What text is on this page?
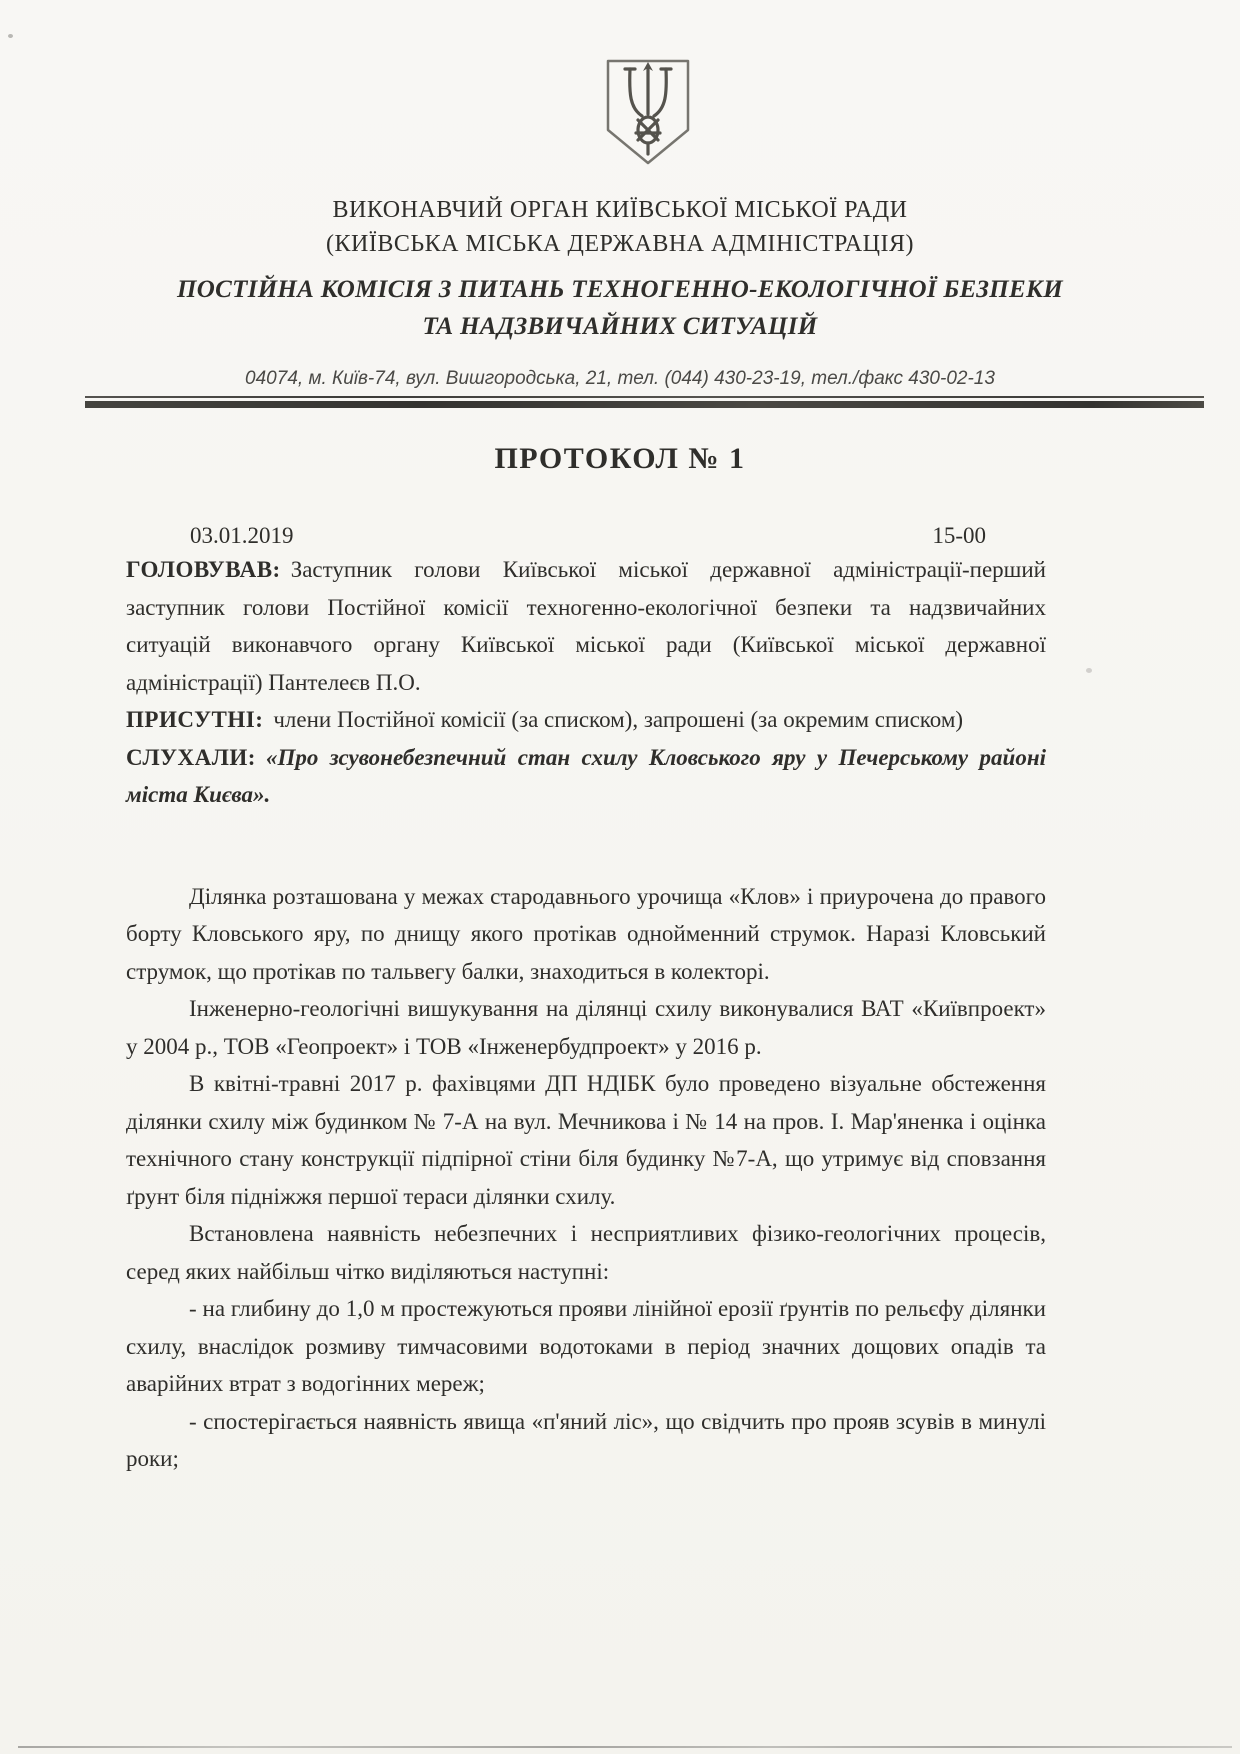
ВИКОНАВЧИЙ ОРГАН КИЇВСЬКОЇ МІСЬКОЇ РАДИ
(КИЇВСЬКА МІСЬКА ДЕРЖАВНА АДМІНІСТРАЦІЯ)
ПОСТІЙНА КОМІСІЯ З ПИТАНЬ ТЕХНОГЕННО-ЕКОЛОГІЧНОЇ БЕЗПЕКИ
ТА НАДЗВИЧАЙНИХ СИТУАЦІЙ
04074, м. Київ-74, вул. Вишгородська, 21, тел. (044) 430-23-19, тел./факс 430-02-13
ПРОТОКОЛ № 1
03.01.2019	15-00

ГОЛОВУВАВ: Заступник голови Київської міської державної адміністрації-перший заступник голови Постійної комісії техногенно-екологічної безпеки та надзвичайних ситуацій виконавчого органу Київської міської ради (Київської міської державної адміністрації) Пантелеєв П.О.

ПРИСУТНІ: члени Постійної комісії (за списком), запрошені (за окремим списком)

СЛУХАЛИ: «Про зсувонебезпечний стан схилу Кловського яру у Печерському районі міста Києва».

Ділянка розташована у межах стародавнього урочища «Клов» і приурочена до правого борту Кловського яру, по днищу якого протікав однойменний струмок. Наразі Кловський струмок, що протікав по тальвегу балки, знаходиться в колекторі.

Інженерно-геологічні вишукування на ділянці схилу виконувалися ВАТ «Київпроект» у 2004 р., ТОВ «Геопроект» і ТОВ «Інженербудпроект» у 2016 р.

В квітні-травні 2017 р. фахівцями ДП НДІБК було проведено візуальне обстеження ділянки схилу між будинком № 7-А на вул. Мечникова і № 14 на пров. І. Мар'яненка і оцінка технічного стану конструкції підпірної стіни біля будинку №7-А, що утримує від сповзання ґрунт біля підніжжя першої тераси ділянки схилу.

Встановлена наявність небезпечних і несприятливих фізико-геологічних процесів, серед яких найбільш чітко виділяються наступні:

- на глибину до 1,0 м простежуються прояви лінійної ерозії ґрунтів по рельєфу ділянки схилу, внаслідок розмиву тимчасовими водотоками в період значних дощових опадів та аварійних втрат з водогінних мереж;

- спостерігається наявність явища «п'яний ліс», що свідчить про прояв зсувів в минулі роки;
